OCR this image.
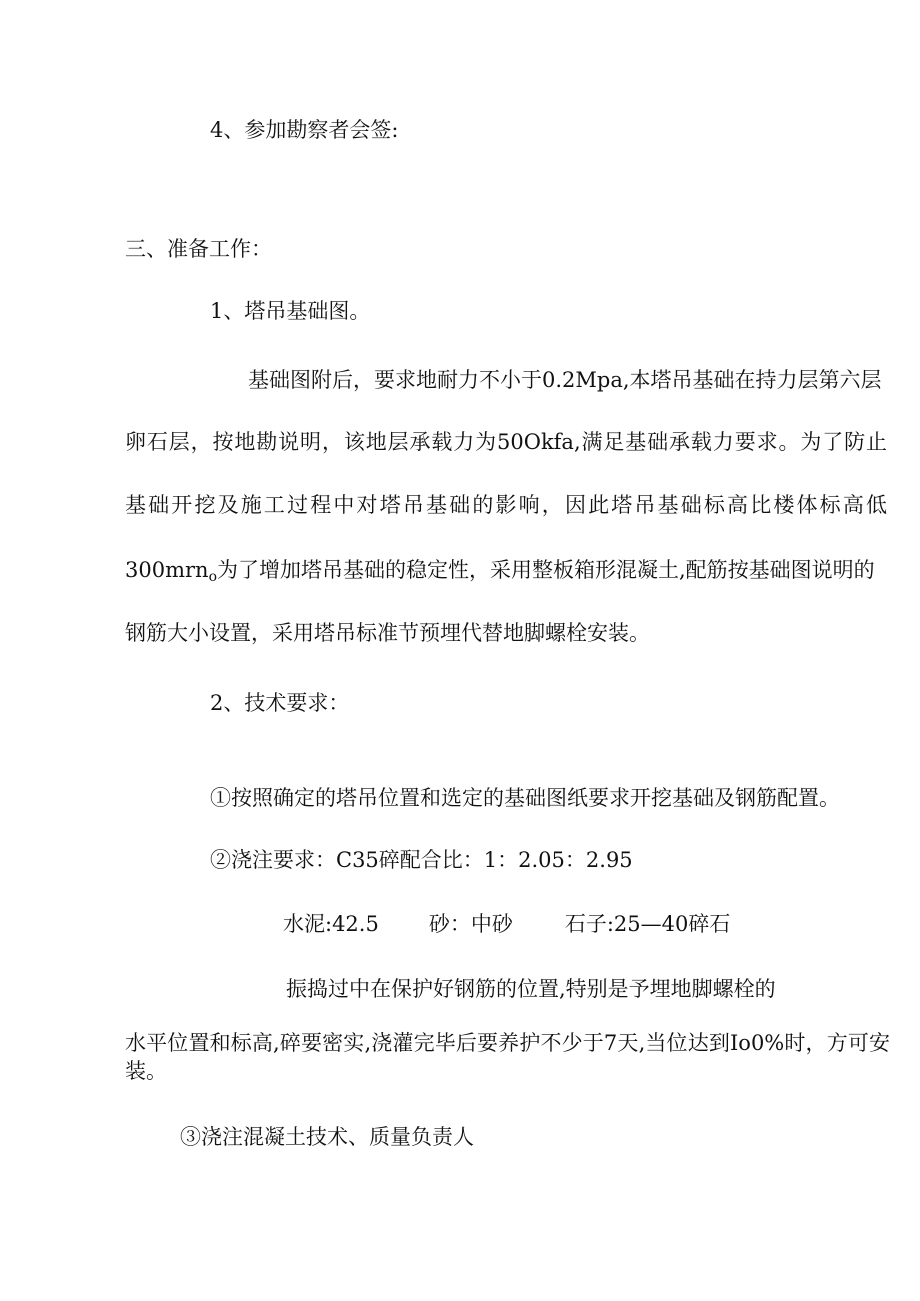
4、参加勘察者会签:
三、准备工作：
1、塔吊基础图。
基础图附后，要求地耐力不小于0.2Mpa,本塔吊基础在持力层第六层
卵石层，按地勘说明，该地层承载力为50Okfa,满足基础承载力要求。为了防止
基础开挖及施工过程中对塔吊基础的影响，因此塔吊基础标高比楼体标高低
300mrn$_o$为了增加塔吊基础的稳定性，采用整板箱形混凝土,配筋按基础图说明的
钢筋大小设置，采用塔吊标准节预埋代替地脚螺栓安装。
2、技术要求：
①按照确定的塔吊位置和选定的基础图纸要求开挖基础及钢筋配置。
②浇注要求：C35碎配合比：1：2.05：2.95
水泥:42.5 砂：中砂 石子:25—40碎石
振捣过中在保护好钢筋的位置,特别是予埋地脚螺栓的
水平位置和标高,碎要密实,浇灌完毕后要养护不少于7天,当位达到Io0%时，方可安装。
③浇注混凝土技术、质量负责人
